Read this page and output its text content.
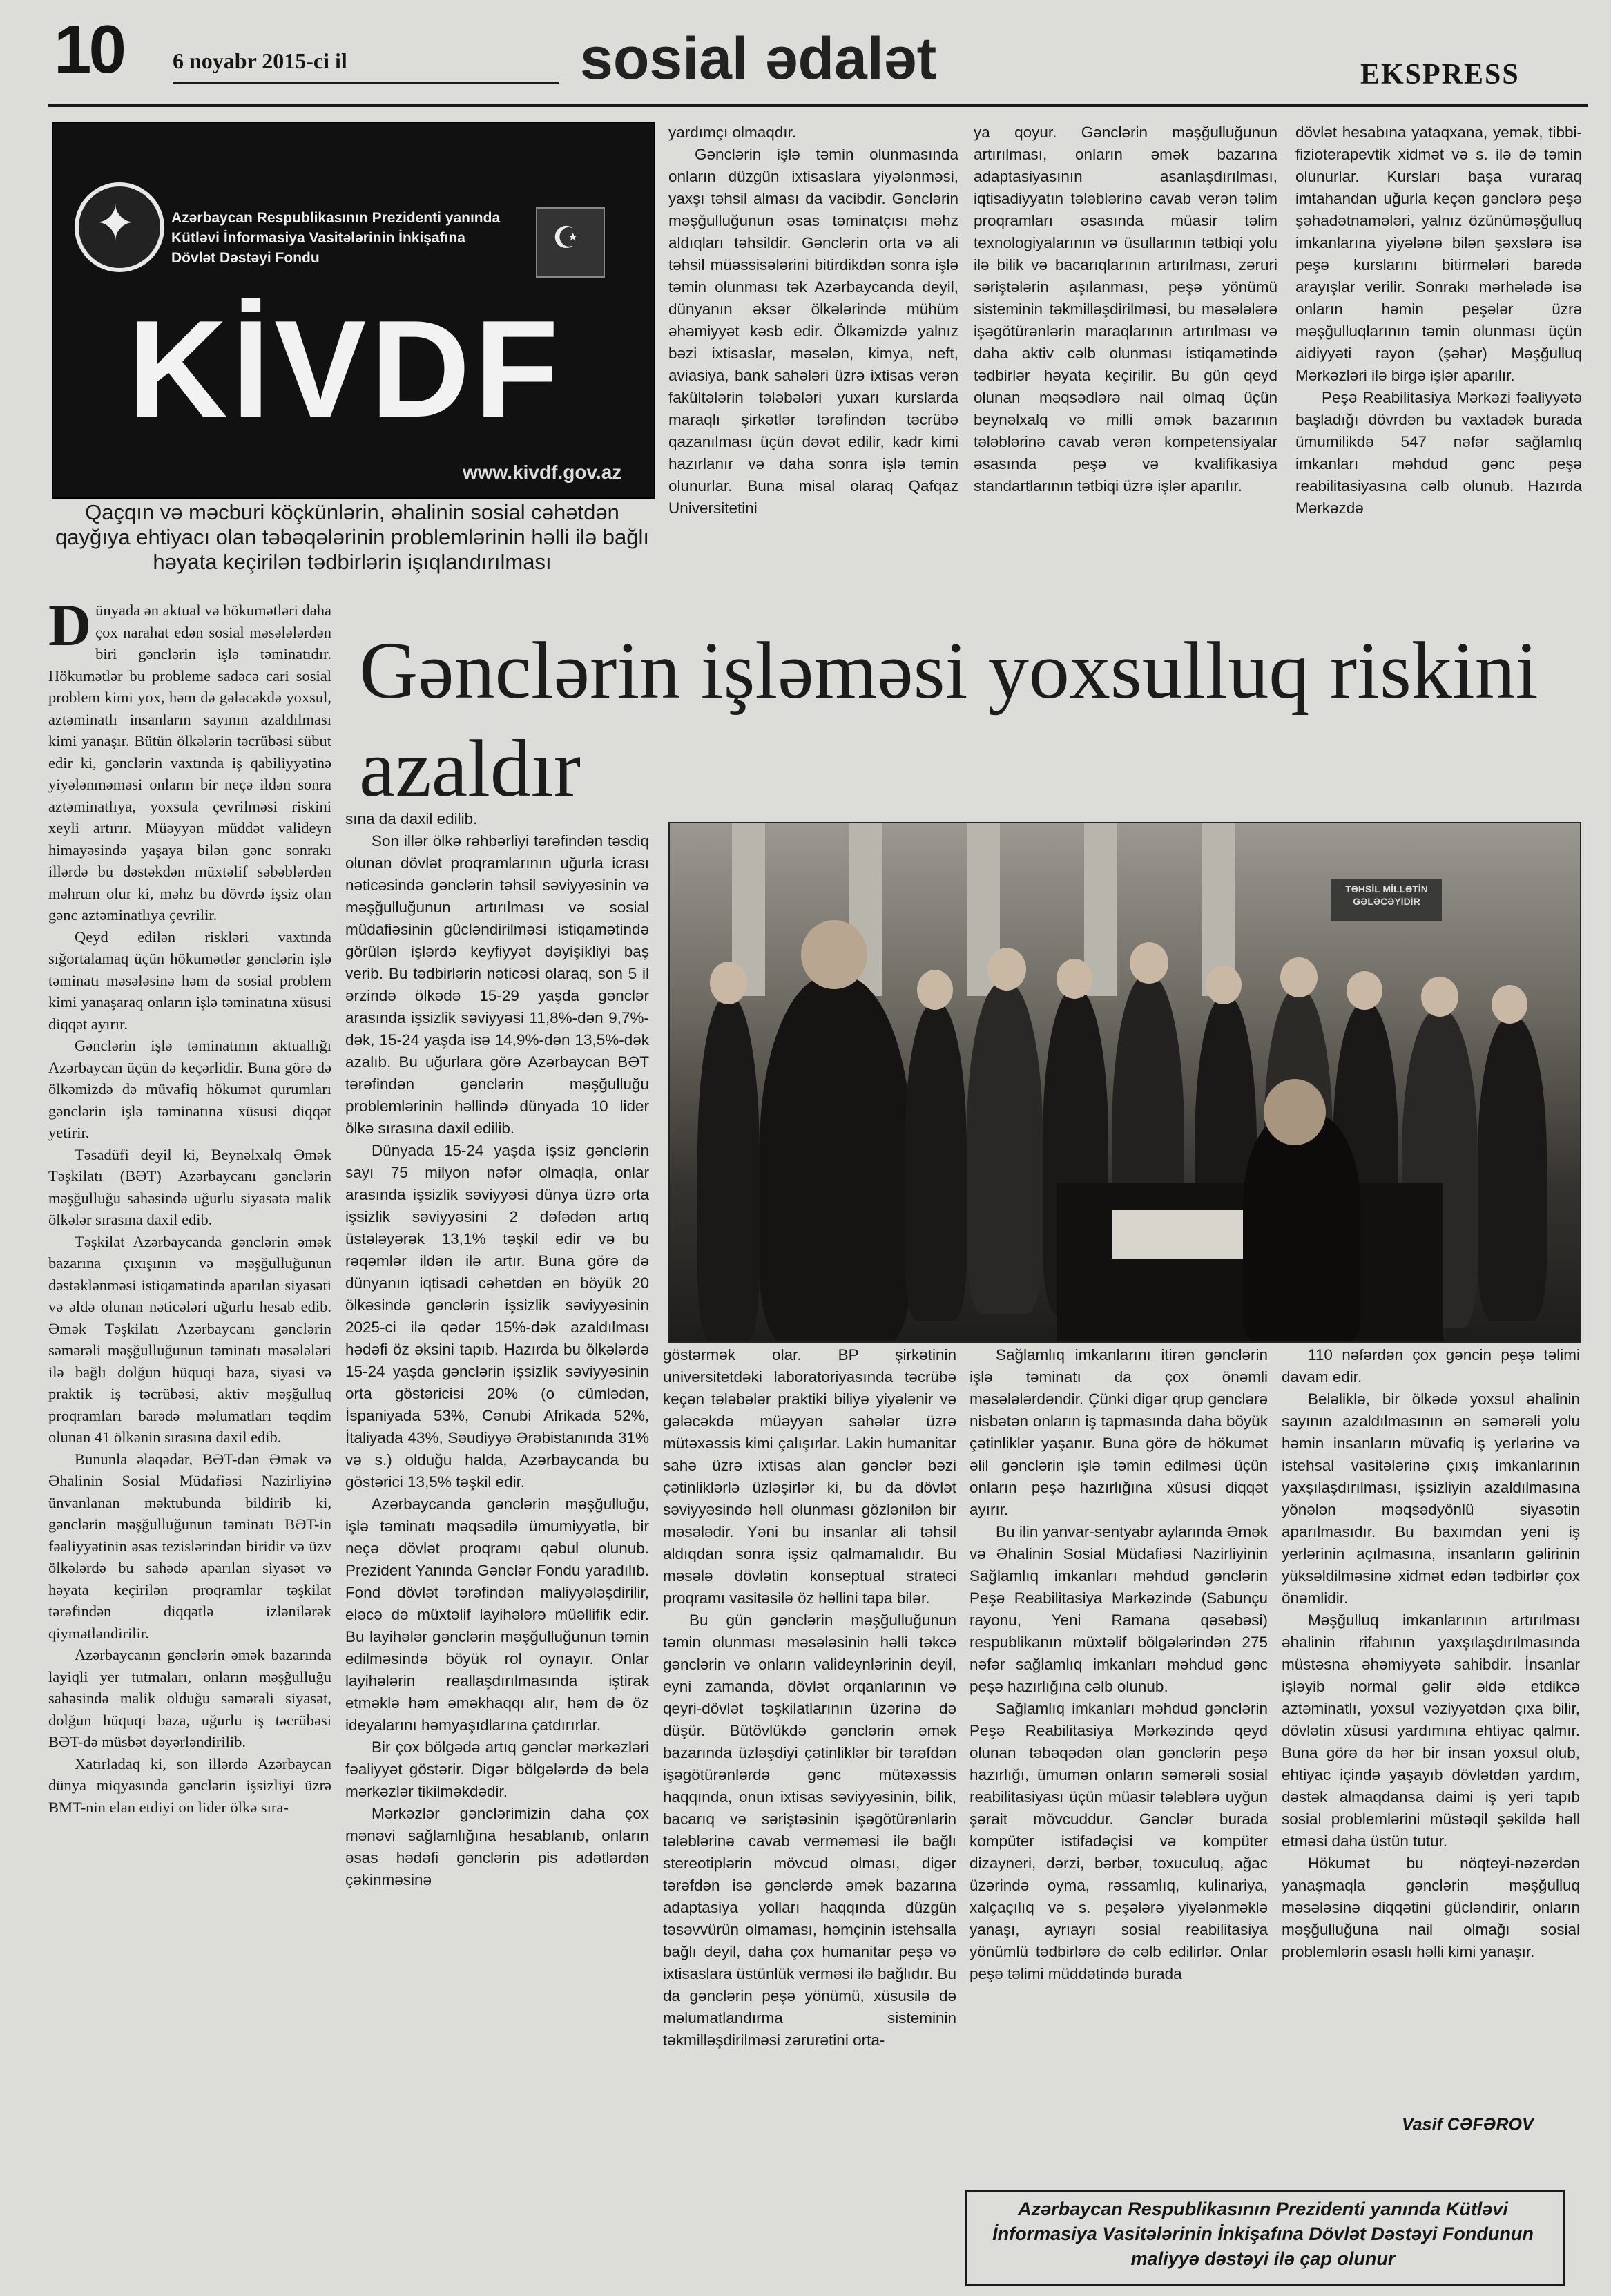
10 6 noyabr 2015-ci il	sosial ədalət	EKSPRESS
✦	Azərbaycan Respublikasının Prezidenti yanında
Kütləvi İnformasiya Vasitələrinin İnkişafına
Dövlət Dəstəyi Fondu
☪
KİVDF
www.kivdf.gov.az
Qaçqın və məcburi köçkünlərin, əhalinin sosial cəhətdən qayğıya ehtiyacı olan təbəqələrinin problemlərinin həlli ilə bağlı həyata keçirilən tədbirlərin işıqlandırılması

Dünyada ən aktual və hökumətləri daha çox narahat edən sosial məsələlərdən biri gənclərin işlə təminatıdır. Hökumətlər bu probleme sadəcə cari sosial problem kimi yox, həm də gələcəkdə yoxsul, aztəminatlı insanların sayının azaldılması kimi yanaşır. Bütün ölkələrin təcrübəsi sübut edir ki, gənclərin vaxtında iş qabiliyyətinə yiyələnməməsi onların bir neçə ildən sonra aztəminatlıya, yoxsula çevrilməsi riskini xeyli artırır. Müəyyən müddət valideyn himayəsində yaşaya bilən gənc sonrakı illərdə bu dəstəkdən müxtəlif səbəblərdən məhrum olur ki, məhz bu dövrdə işsiz olan gənc aztəminatlıya çevrilir.

Qeyd edilən riskləri vaxtında sığortalamaq üçün hökumətlər gənclərin işlə təminatı məsələsinə həm də sosial problem kimi yanaşaraq onların işlə təminatına xüsusi diqqət ayırır.

Gənclərin işlə təminatının aktuallığı Azərbaycan üçün də keçərlidir. Buna görə də ölkəmizdə də müvafiq hökumət qurumları gənclərin işlə təminatına xüsusi diqqət yetirir.

Təsadüfi deyil ki, Beynəlxalq Əmək Təşkilatı (BƏT) Azərbaycanı gənclərin məşğulluğu sahəsində uğurlu siyasətə malik ölkələr sırasına daxil edib.

Təşkilat Azərbaycanda gənclərin əmək bazarına çıxışının və məşğulluğunun dəstəklənməsi istiqamətində aparılan siyasəti və əldə olunan nəticələri uğurlu hesab edib. Əmək Təşkilatı Azərbaycanı gənclərin səmərəli məşğulluğunun təminatı məsələləri ilə bağlı dolğun hüquqi baza, siyasi və praktik iş təcrübəsi, aktiv məşğulluq proqramları barədə məlumatları təqdim olunan 41 ölkənin sırasına daxil edib.

Bununla əlaqədar, BƏT-dən Əmək və Əhalinin Sosial Müdafiəsi Nazirliyinə ünvanlanan məktubunda bildirib ki, gənclərin məşğulluğunun təminatı BƏT-in fəaliyyətinin əsas tezislərindən biridir və üzv ölkələrdə bu sahədə aparılan siyasət və həyata keçirilən proqramlar təşkilat tərəfindən diqqətlə izlənilərək qiymətləndirilir.

Azərbaycanın gənclərin əmək bazarında layiqli yer tutmaları, onların məşğulluğu sahəsində malik olduğu səmərəli siyasət, dolğun hüquqi baza, uğurlu iş təcrübəsi BƏT-də müsbət dəyərləndirilib.

Xatırladaq ki, son illərdə Azərbaycan dünya miqyasında gənclərin işsizliyi üzrə BMT-nin elan etdiyi on lider ölkə sıra-

yardımçı olmaqdır.

Gənclərin işlə təmin olunmasında onların düzgün ixtisaslara yiyələnməsi, yaxşı təhsil alması da vacibdir. Gənclərin məşğulluğunun əsas təminatçısı məhz aldıqları təhsildir. Gənclərin orta və ali təhsil müəssisələrini bitirdikdən sonra işlə təmin olunması tək Azərbaycanda deyil, dünyanın əksər ölkələrində mühüm əhəmiyyət kəsb edir. Ölkəmizdə yalnız bəzi ixtisaslar, məsələn, kimya, neft, aviasiya, bank sahələri üzrə ixtisas verən fakültələrin tələbələri yuxarı kurslarda maraqlı şirkətlər tərəfindən təcrübə qazanılması üçün dəvət edilir, kadr kimi hazırlanır və daha sonra işlə təmin olunurlar. Buna misal olaraq Qafqaz Universitetini

ya qoyur. Gənclərin məşğulluğunun artırılması, onların əmək bazarına adaptasiyasının asanlaşdırılması, iqtisadiyyatın tələblərinə cavab verən təlim proqramları əsasında müasir təlim texnologiyalarının və üsullarının tətbiqi yolu ilə bilik və bacarıqlarının artırılması, zəruri səriştələrin aşılanması, peşə yönümü sisteminin təkmilləşdirilməsi, bu məsələlərə işəgötürənlərin maraqlarının artırılması və daha aktiv cəlb olunması istiqamətində tədbirlər həyata keçirilir. Bu gün qeyd olunan məqsədlərə nail olmaq üçün beynəlxalq və milli əmək bazarının tələblərinə cavab verən kompetensiyalar əsasında peşə və kvalifikasiya standartlarının tətbiqi üzrə işlər aparılır.

dövlət hesabına yataqxana, yemək, tibbi-fizioterapevtik xidmət və s. ilə də təmin olunurlar. Kursları başa vuraraq imtahandan uğurla keçən gənclərə peşə şəhadətnamələri, yalnız özünüməşğulluq imkanlarına yiyələnə bilən şəxslərə isə peşə kurslarını bitirmələri barədə arayışlar verilir. Sonrakı mərhələdə isə onların həmin peşələr üzrə məşğulluqlarının təmin olunması üçün aidiyyəti rayon (şəhər) Məşğulluq Mərkəzləri ilə birgə işlər aparılır.

Peşə Reabilitasiya Mərkəzi fəaliyyətə başladığı dövrdən bu vaxtadək burada ümumilikdə 547 nəfər sağlamlıq imkanları məhdud gənc peşə reabilitasiyasına cəlb olunub. Hazırda Mərkəzdə

Gənclərin işləməsi yoxsulluq riskini azaldır

sına da daxil edilib.

Son illər ölkə rəhbərliyi tərəfindən təsdiq olunan dövlət proqramlarının uğurla icrası nəticəsində gənclərin təhsil səviyyəsinin və məşğulluğunun artırılması və sosial müdafiəsinin gücləndirilməsi istiqamətində görülən işlərdə keyfiyyət dəyişikliyi baş verib. Bu tədbirlərin nəticəsi olaraq, son 5 il ərzində ölkədə 15-29 yaşda gənclər arasında işsizlik səviyyəsi 11,8%-dən 9,7%-dək, 15-24 yaşda isə 14,9%-dən 13,5%-dək azalıb. Bu uğurlara görə Azərbaycan BƏT tərəfindən gənclərin məşğulluğu problemlərinin həllində dünyada 10 lider ölkə sırasına daxil edilib.

Dünyada 15-24 yaşda işsiz gənclərin sayı 75 milyon nəfər olmaqla, onlar arasında işsizlik səviyyəsi dünya üzrə orta işsizlik səviyyəsini 2 dəfədən artıq üstələyərək 13,1% təşkil edir və bu rəqəmlər ildən ilə artır. Buna görə də dünyanın iqtisadi cəhətdən ən böyük 20 ölkəsində gənclərin işsizlik səviyyəsinin 2025-ci ilə qədər 15%-dək azaldılması hədəfi öz əksini tapıb. Hazırda bu ölkələrdə 15-24 yaşda gənclərin işsizlik səviyyəsinin orta göstəricisi 20% (o cümlədən, İspaniyada 53%, Cənubi Afrikada 52%, İtaliyada 43%, Səudiyyə Ərəbistanında 31% və s.) olduğu halda, Azərbaycanda bu göstərici 13,5% təşkil edir.

Azərbaycanda gənclərin məşğulluğu, işlə təminatı məqsədilə ümumiyyətlə, bir neçə dövlət proqramı qəbul olunub. Prezident Yanında Gənclər Fondu yaradılıb. Fond dövlət tərəfindən maliyyələşdirilir, eləcə də müxtəlif layihələrə müəllifik edir. Bu layihələr gənclərin məşğulluğunun təmin edilməsində böyük rol oynayır. Onlar layihələrin reallaşdırılmasında iştirak etməklə həm əməkhaqqı alır, həm də öz ideyalarını həmyaşıdlarına çatdırırlar.

Bir çox bölgədə artıq gənclər mərkəzləri fəaliyyət göstərir. Digər bölgələrdə də belə mərkəzlər tikilməkdədir.

Mərkəzlər gənclərimizin daha çox mənəvi sağlamlığına hesablanıb, onların əsas hədəfi gənclərin pis adətlərdən çəkinməsinə

TƏHSİL MİLLƏTİN GƏLƏCƏYİDİR

göstərmək olar. BP şirkətinin universitetdəki laboratoriyasında təcrübə keçən tələbələr praktiki biliyə yiyələnir və gələcəkdə müəyyən sahələr üzrə mütəxəssis kimi çalışırlar. Lakin humanitar sahə üzrə ixtisas alan gənclər bəzi çətinliklərlə üzləşirlər ki, bu da dövlət səviyyəsində həll olunması gözlənilən bir məsələdir. Yəni bu insanlar ali təhsil aldıqdan sonra işsiz qalmamalıdır. Bu məsələ dövlətin konseptual strateci proqramı vasitəsilə öz həllini tapa bilər.

Bu gün gənclərin məşğulluğunun təmin olunması məsələsinin həlli təkcə gənclərin və onların valideynlərinin deyil, eyni zamanda, dövlət orqanlarının və qeyri-dövlət təşkilatlarının üzərinə də düşür. Bütövlükdə gənclərin əmək bazarında üzləşdiyi çətinliklər bir tərəfdən işəgötürənlərdə gənc mütəxəssis haqqında, onun ixtisas səviyyəsinin, bilik, bacarıq və səriştəsinin işəgötürənlərin tələblərinə cavab verməməsi ilə bağlı stereotiplərin mövcud olması, digər tərəfdən isə gənclərdə əmək bazarına adaptasiya yolları haqqında düzgün təsəvvürün olmaması, həmçinin istehsalla bağlı deyil, daha çox humanitar peşə və ixtisaslara üstünlük verməsi ilə bağlıdır. Bu da gənclərin peşə yönümü, xüsusilə də məlumatlandırma sisteminin təkmilləşdirilməsi zərurətini orta-

Sağlamlıq imkanlarını itirən gənclərin işlə təminatı da çox önəmli məsələlərdəndir. Çünki digər qrup gənclərə nisbətən onların iş tapmasında daha böyük çətinliklər yaşanır. Buna görə də hökumət əlil gənclərin işlə təmin edilməsi üçün onların peşə hazırlığına xüsusi diqqət ayırır.

Bu ilin yanvar-sentyabr aylarında Əmək və Əhalinin Sosial Müdafiəsi Nazirliyinin Sağlamlıq imkanları məhdud gənclərin Peşə Reabilitasiya Mərkəzində (Sabunçu rayonu, Yeni Ramana qəsəbəsi) respublikanın müxtəlif bölgələrindən 275 nəfər sağlamlıq imkanları məhdud gənc peşə hazırlığına cəlb olunub.

Sağlamlıq imkanları məhdud gənclərin Peşə Reabilitasiya Mərkəzində qeyd olunan təbəqədən olan gənclərin peşə hazırlığı, ümumən onların səmərəli sosial reabilitasiyası üçün müasir tələblərə uyğun şərait mövcuddur. Gənclər burada kompüter istifadəçisi və kompüter dizayneri, dərzi, bərbər, toxuculuq, ağac üzərində oyma, rəssamlıq, kulinariya, xalçaçılıq və s. peşələrə yiyələnməklə yanaşı, ayrıayrı sosial reabilitasiya yönümlü tədbirlərə də cəlb edilirlər. Onlar peşə təlimi müddətində burada

110 nəfərdən çox gəncin peşə təlimi davam edir.

Beləliklə, bir ölkədə yoxsul əhalinin sayının azaldılmasının ən səmərəli yolu həmin insanların müvafiq iş yerlərinə və istehsal vasitələrinə çıxış imkanlarının yaxşılaşdırılması, işsizliyin azaldılmasına yönələn məqsədyönlü siyasətin aparılmasıdır. Bu baxımdan yeni iş yerlərinin açılmasına, insanların gəlirinin yüksəldilməsinə xidmət edən tədbirlər çox önəmlidir.

Məşğulluq imkanlarının artırılması əhalinin rifahının yaxşılaşdırılmasında müstəsna əhəmiyyətə sahibdir. İnsanlar işləyib normal gəlir əldə etdikcə aztəminatlı, yoxsul vəziyyətdən çıxa bilir, dövlətin xüsusi yardımına ehtiyac qalmır. Buna görə də hər bir insan yoxsul olub, ehtiyac içində yaşayıb dövlətdən yardım, dəstək almaqdansa daimi iş yeri tapıb sosial problemlərini müstəqil şəkildə həll etməsi daha üstün tutur.

Hökumət bu nöqteyi-nəzərdən yanaşmaqla gənclərin məşğulluq məsələsinə diqqətini gücləndirir, onların məşğulluğuna nail olmağı sosial problemlərin əsaslı həlli kimi yanaşır.

Vasif CƏFƏROV
Azərbaycan Respublikasının Prezidenti yanında Kütləvi İnformasiya Vasitələrinin İnkişafına Dövlət Dəstəyi Fondunun maliyyə dəstəyi ilə çap olunur
